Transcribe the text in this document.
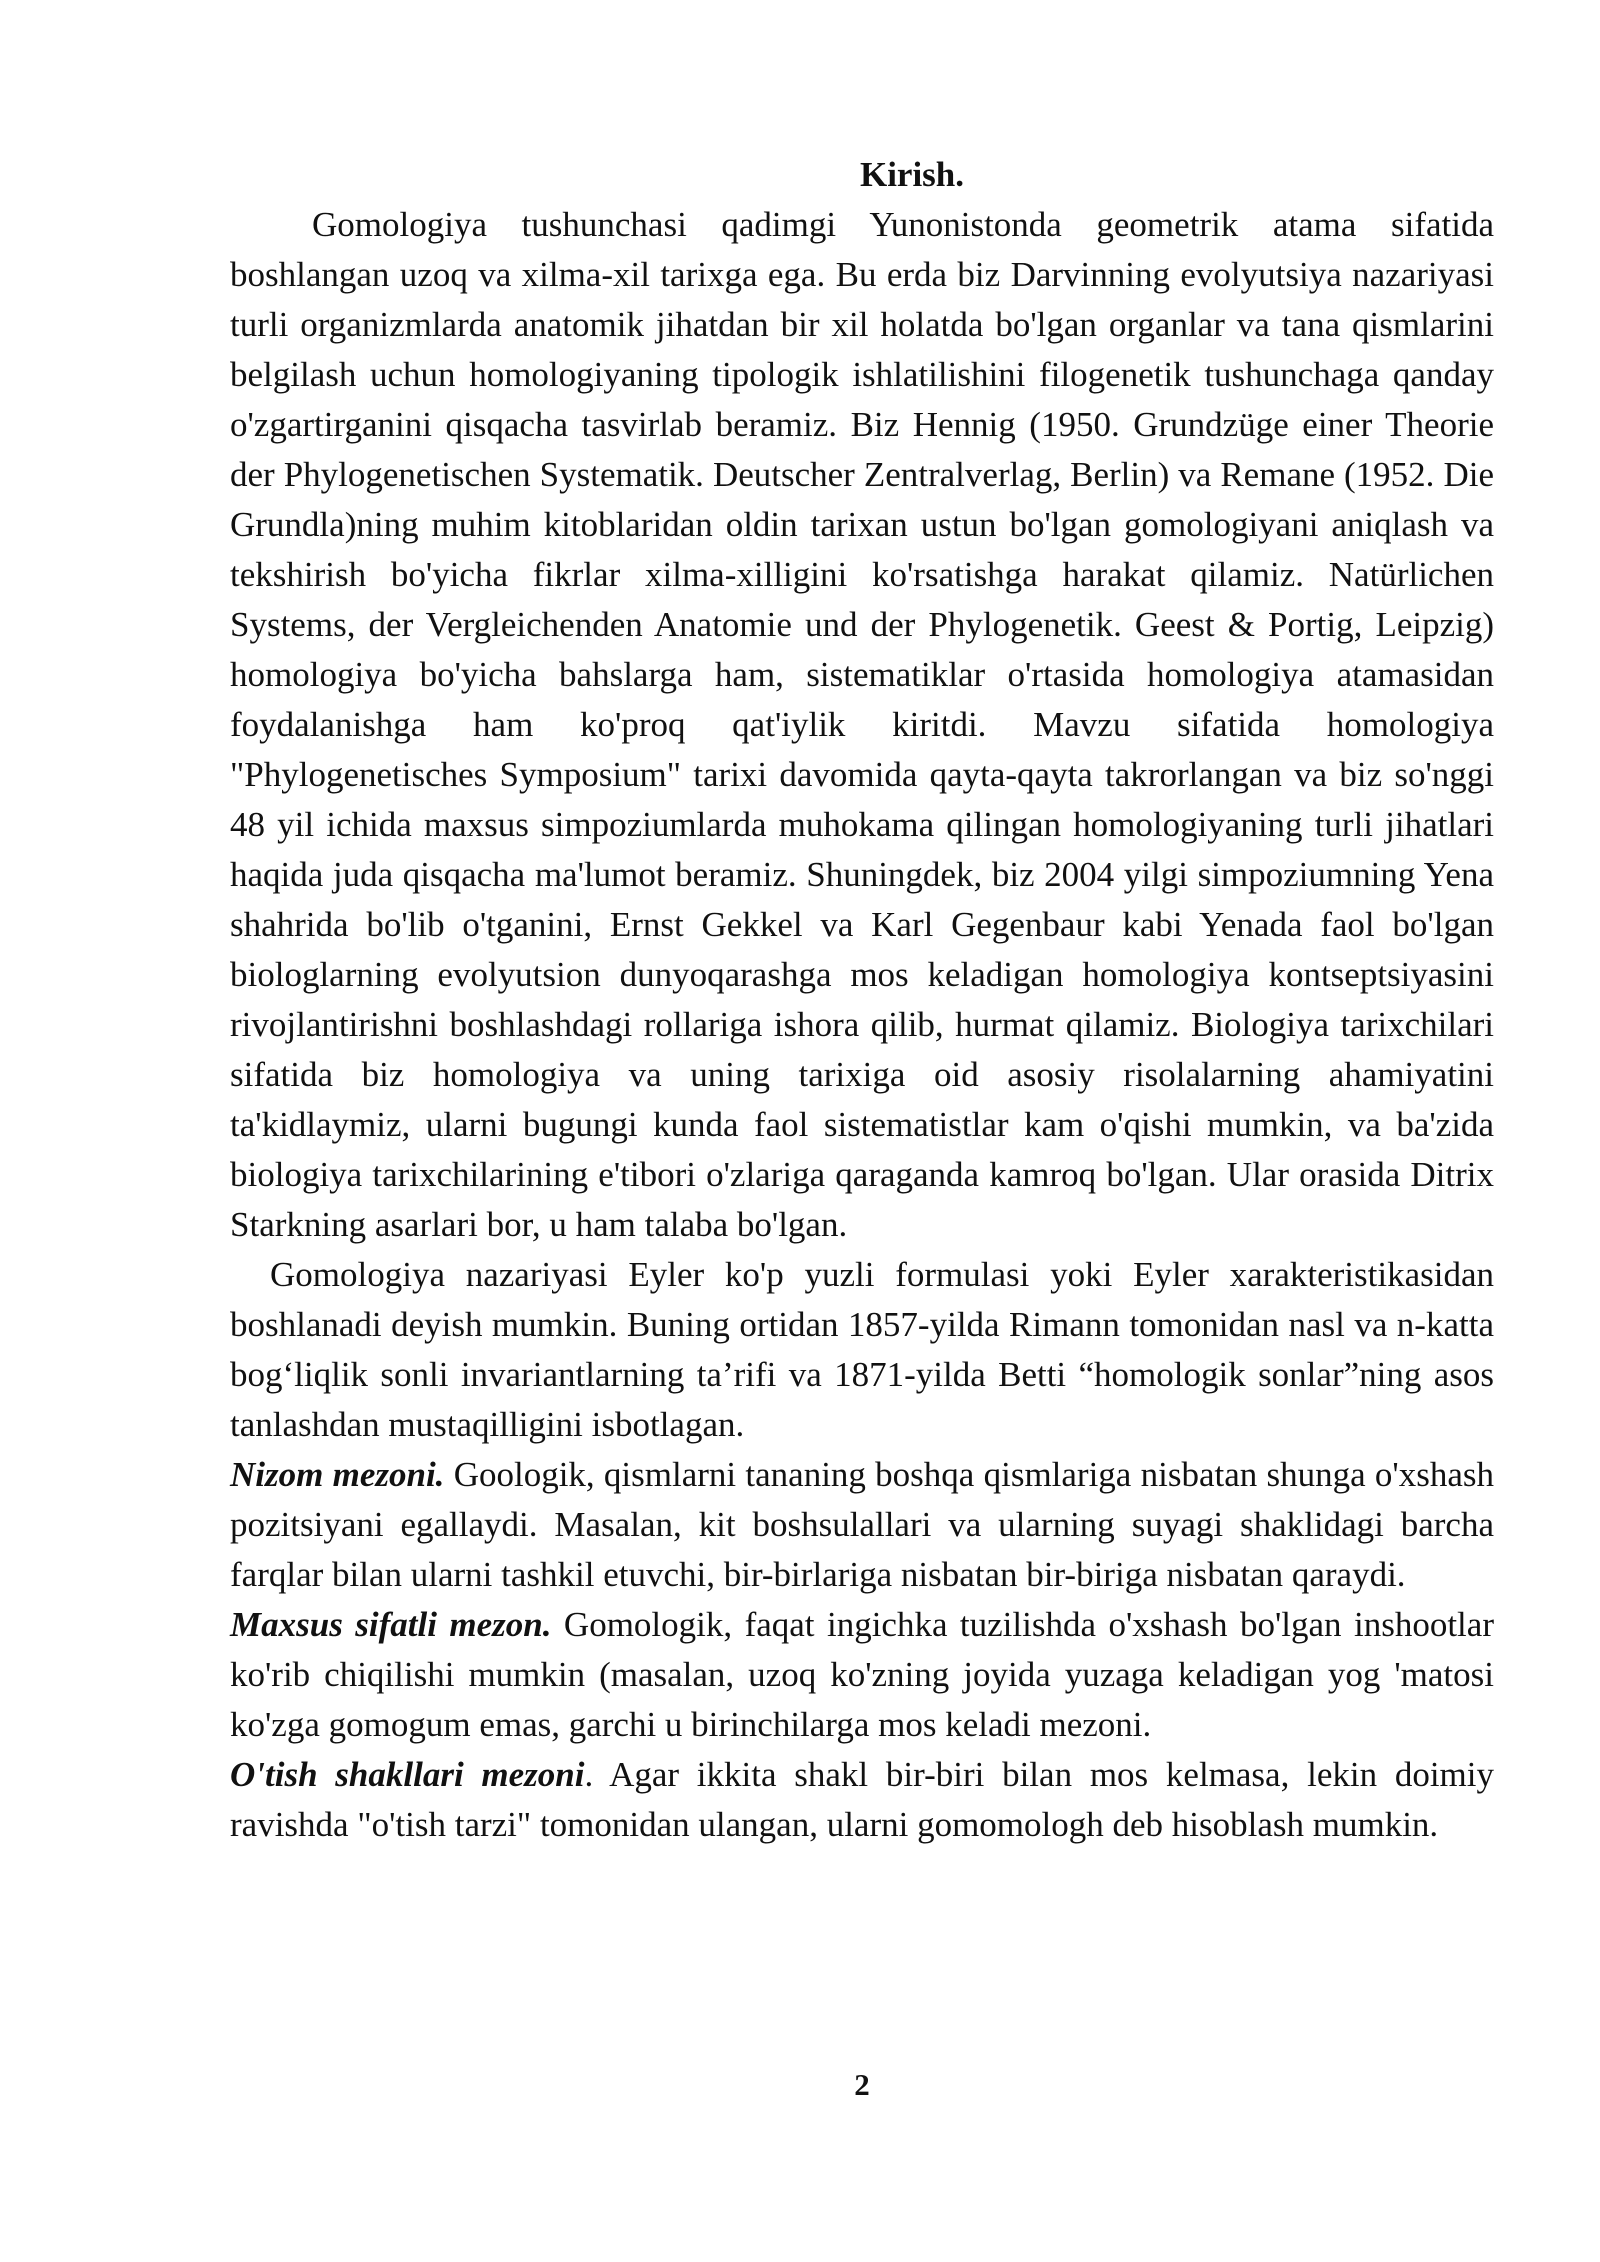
Kirish.

Gomologiya tushunchasi qadimgi Yunonistonda geometrik atama sifatida boshlangan uzoq va xilma-xil tarixga ega. Bu erda biz Darvinning evolyutsiya nazariyasi turli organizmlarda anatomik jihatdan bir xil holatda bo'lgan organlar va tana qismlarini belgilash uchun homologiyaning tipologik ishlatilishini filogenetik tushunchaga qanday o'zgartirganini qisqacha tasvirlab beramiz. Biz Hennig (1950. Grundzüge einer Theorie der Phylogenetischen Systematik. Deutscher Zentralverlag, Berlin) va Remane (1952. Die Grundla)ning muhim kitoblaridan oldin tarixan ustun bo'lgan gomologiyani aniqlash va tekshirish bo'yicha fikrlar xilma-xilligini ko'rsatishga harakat qilamiz. Natürlichen Systems, der Vergleichenden Anatomie und der Phylogenetik. Geest & Portig, Leipzig) homologiya bo'yicha bahslarga ham, sistematiklar o'rtasida homologiya atamasidan foydalanishga ham ko'proq qat'iylik kiritdi. Mavzu sifatida homologiya "Phylogenetisches Symposium" tarixi davomida qayta-qayta takrorlangan va biz so'nggi 48 yil ichida maxsus simpoziumlarda muhokama qilingan homologiyaning turli jihatlari haqida juda qisqacha ma'lumot beramiz. Shuningdek, biz 2004 yilgi simpoziumning Yena shahrida bo'lib o'tganini, Ernst Gekkel va Karl Gegenbaur kabi Yenada faol bo'lgan biologlarning evolyutsion dunyoqarashga mos keladigan homologiya kontseptsiyasini rivojlantirishni boshlashdagi rollariga ishora qilib, hurmat qilamiz. Biologiya tarixchilari sifatida biz homologiya va uning tarixiga oid asosiy risolalarning ahamiyatini ta'kidlaymiz, ularni bugungi kunda faol sistematistlar kam o'qishi mumkin, va ba'zida biologiya tarixchilarining e'tibori o'zlariga qaraganda kamroq bo'lgan. Ular orasida Ditrix Starkning asarlari bor, u ham talaba bo'lgan.

Gomologiya nazariyasi Eyler ko'p yuzli formulasi yoki Eyler xarakteristikasidan boshlanadi deyish mumkin. Buning ortidan 1857-yilda Rimann tomonidan nasl va n-katta bog‘liqlik sonli invariantlarning ta’rifi va 1871-yilda Betti “homologik sonlar”ning asos tanlashdan mustaqilligini isbotlagan.

Nizom mezoni. Goologik, qismlarni tananing boshqa qismlariga nisbatan shunga o'xshash pozitsiyani egallaydi. Masalan, kit boshsulallari va ularning suyagi shaklidagi barcha farqlar bilan ularni tashkil etuvchi, bir-birlariga nisbatan bir-biriga nisbatan qaraydi.

Maxsus sifatli mezon. Gomologik, faqat ingichka tuzilishda o'xshash bo'lgan inshootlar ko'rib chiqilishi mumkin (masalan, uzoq ko'zning joyida yuzaga keladigan yog 'matosi ko'zga gomogum emas, garchi u birinchilarga mos keladi mezoni.

O'tish shakllari mezoni. Agar ikkita shakl bir-biri bilan mos kelmasa, lekin doimiy ravishda "o'tish tarzi" tomonidan ulangan, ularni gomomologh deb hisoblash mumkin.

2
